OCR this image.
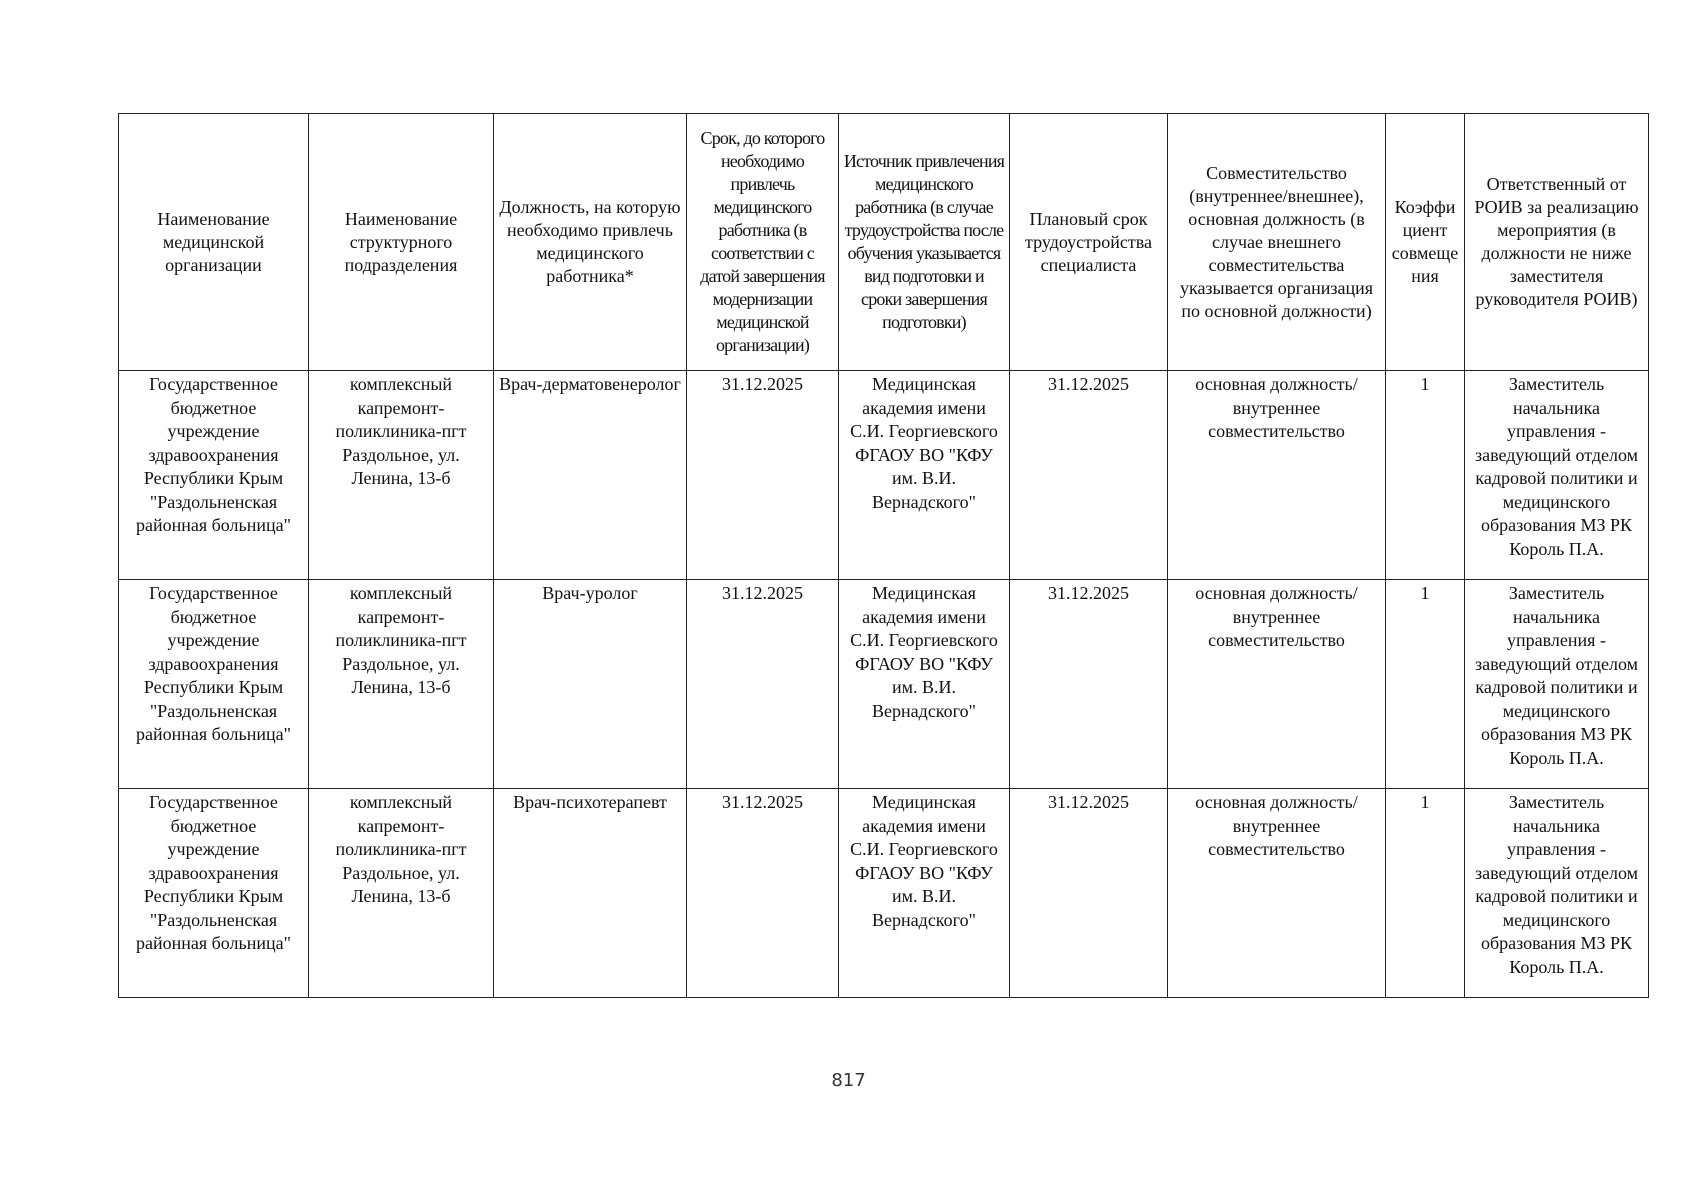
Наименование медицинской организации	Наименование структурного подразделения	Должность, на которую необходимо привлечь медицинского работника*	Срок, до которого необходимо привлечь медицинского работника (в соответствии с датой завершения модернизации медицинской организации)	Источник привлечения медицинского работника (в случае трудоустройства после обучения указывается вид подготовки и сроки завершения подготовки)	Плановый срок трудоустройства специалиста	Совместительство (внутреннее/внешнее), основная должность (в случае внешнего совместительства указывается организация по основной должности)	Коэффициент совмещения	Ответственный от РОИВ за реализацию мероприятия (в должности не ниже заместителя руководителя РОИВ)
Государственное бюджетное учреждение здравоохранения Республики Крым "Раздольненская районная больница"	комплексный капремонт-поликлиника-пгт Раздольное, ул. Ленина, 13-б	Врач-дерматовенеролог	31.12.2025	Медицинская академия имени С.И. Георгиевского ФГАОУ ВО "КФУ им. В.И. Вернадского"	31.12.2025	основная должность/ внутреннее совместительство	1	Заместитель начальника управления - заведующий отделом кадровой политики и медицинского образования МЗ РК Король П.А.
Государственное бюджетное учреждение здравоохранения Республики Крым "Раздольненская районная больница"	комплексный капремонт-поликлиника-пгт Раздольное, ул. Ленина, 13-б	Врач-уролог	31.12.2025	Медицинская академия имени С.И. Георгиевского ФГАОУ ВО "КФУ им. В.И. Вернадского"	31.12.2025	основная должность/ внутреннее совместительство	1	Заместитель начальника управления - заведующий отделом кадровой политики и медицинского образования МЗ РК Король П.А.
Государственное бюджетное учреждение здравоохранения Республики Крым "Раздольненская районная больница"	комплексный капремонт-поликлиника-пгт Раздольное, ул. Ленина, 13-б	Врач-психотерапевт	31.12.2025	Медицинская академия имени С.И. Георгиевского ФГАОУ ВО "КФУ им. В.И. Вернадского"	31.12.2025	основная должность/ внутреннее совместительство	1	Заместитель начальника управления - заведующий отделом кадровой политики и медицинского образования МЗ РК Король П.А.
817
